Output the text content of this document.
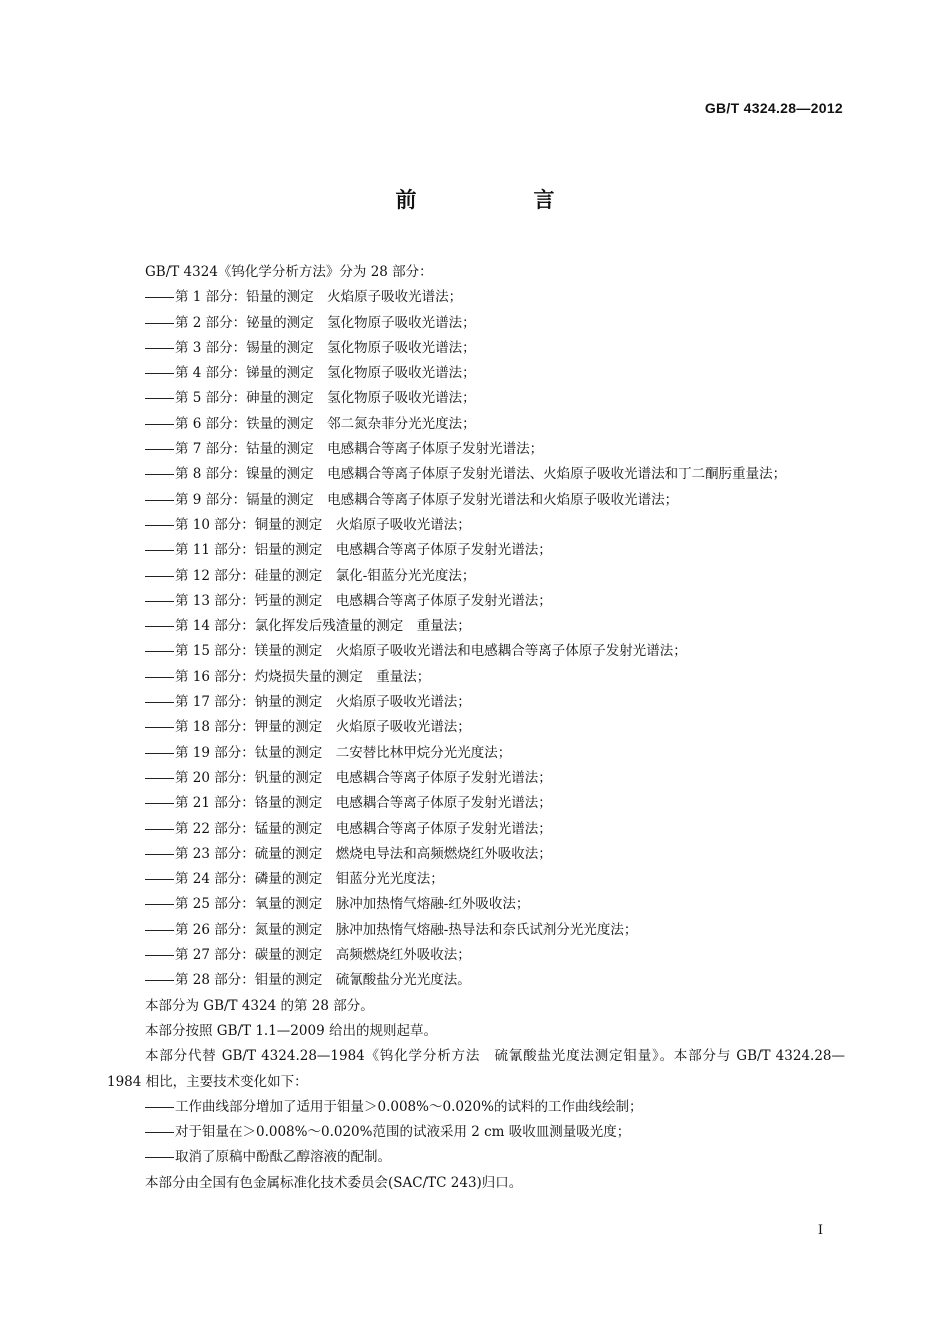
GB/T 4324.28—2012
前　言
GB/T 4324《钨化学分析方法》分为 28 部分：
第 1 部分：铅量的测定　火焰原子吸收光谱法；
第 2 部分：铋量的测定　氢化物原子吸收光谱法；
第 3 部分：锡量的测定　氢化物原子吸收光谱法；
第 4 部分：锑量的测定　氢化物原子吸收光谱法；
第 5 部分：砷量的测定　氢化物原子吸收光谱法；
第 6 部分：铁量的测定　邻二氮杂菲分光光度法；
第 7 部分：钴量的测定　电感耦合等离子体原子发射光谱法；
第 8 部分：镍量的测定　电感耦合等离子体原子发射光谱法、火焰原子吸收光谱法和丁二酮肟重量法；
第 9 部分：镉量的测定　电感耦合等离子体原子发射光谱法和火焰原子吸收光谱法；
第 10 部分：铜量的测定　火焰原子吸收光谱法；
第 11 部分：铝量的测定　电感耦合等离子体原子发射光谱法；
第 12 部分：硅量的测定　氯化-钼蓝分光光度法；
第 13 部分：钙量的测定　电感耦合等离子体原子发射光谱法；
第 14 部分：氯化挥发后残渣量的测定　重量法；
第 15 部分：镁量的测定　火焰原子吸收光谱法和电感耦合等离子体原子发射光谱法；
第 16 部分：灼烧损失量的测定　重量法；
第 17 部分：钠量的测定　火焰原子吸收光谱法；
第 18 部分：钾量的测定　火焰原子吸收光谱法；
第 19 部分：钛量的测定　二安替比林甲烷分光光度法；
第 20 部分：钒量的测定　电感耦合等离子体原子发射光谱法；
第 21 部分：铬量的测定　电感耦合等离子体原子发射光谱法；
第 22 部分：锰量的测定　电感耦合等离子体原子发射光谱法；
第 23 部分：硫量的测定　燃烧电导法和高频燃烧红外吸收法；
第 24 部分：磷量的测定　钼蓝分光光度法；
第 25 部分：氧量的测定　脉冲加热惰气熔融-红外吸收法；
第 26 部分：氮量的测定　脉冲加热惰气熔融-热导法和奈氏试剂分光光度法；
第 27 部分：碳量的测定　高频燃烧红外吸收法；
第 28 部分：钼量的测定　硫氰酸盐分光光度法。
本部分为 GB/T 4324 的第 28 部分。
本部分按照 GB/T 1.1—2009 给出的规则起草。
本部分代替 GB/T 4324.28—1984《钨化学分析方法　硫氰酸盐光度法测定钼量》。本部分与 GB/T 4324.28—1984 相比，主要技术变化如下：
工作曲线部分增加了适用于钼量＞0.008%～0.020%的试料的工作曲线绘制；
对于钼量在＞0.008%～0.020%范围的试液采用 2 cm 吸收皿测量吸光度；
取消了原稿中酚酞乙醇溶液的配制。
本部分由全国有色金属标准化技术委员会(SAC/TC 243)归口。
I
